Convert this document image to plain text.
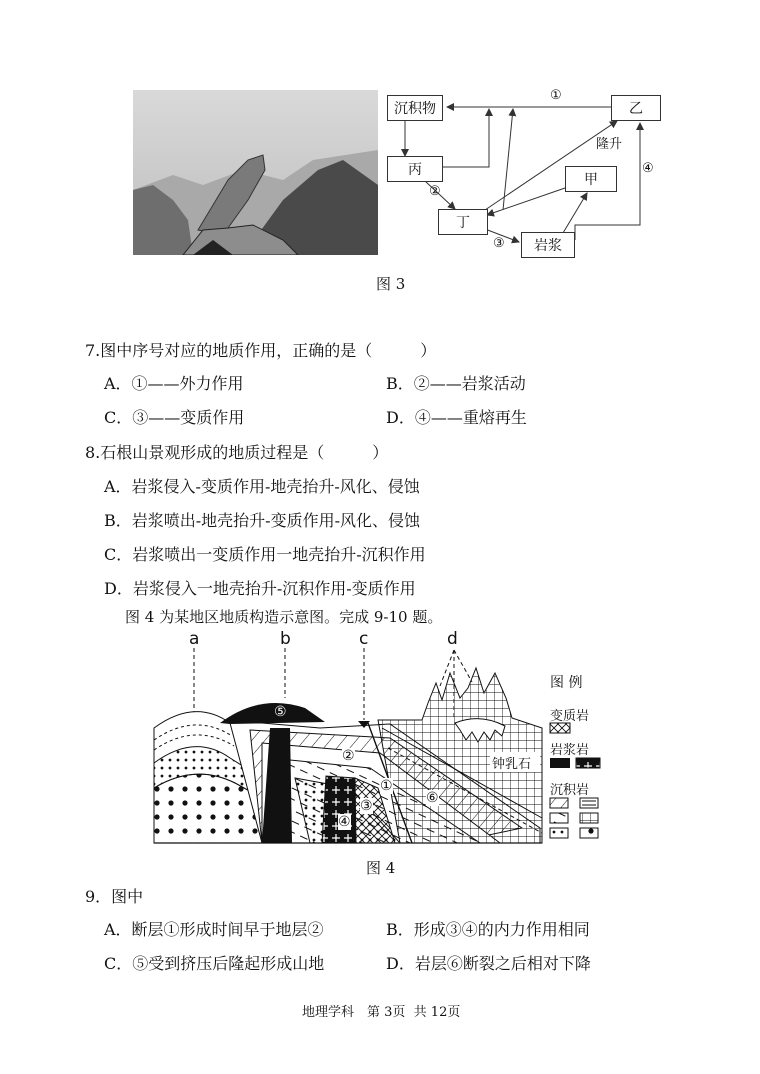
沉积物	乙
丙
甲
丁
岩浆
①
隆升
②
④
③
图 3
7.图中序号对应的地质作用，正确的是（　　　）
A．①——外力作用	B．②——岩浆活动
C．③——变质作用	D．④——重熔再生
8.石根山景观形成的地质过程是（　　　）
A．岩浆侵入-变质作用-地壳抬升-风化、侵蚀
B．岩浆喷出-地壳抬升-变质作用-风化、侵蚀
C．岩浆喷出一变质作用一地壳抬升-沉积作用
D．岩浆侵入一地壳抬升-沉积作用-变质作用
图 4 为某地区地质构造示意图。完成 9-10 题。
a	b	c	d
⑤
②
①
③
④
⑥
钟乳石
图 例
变质岩
岩浆岩
沉积岩
图 4
9．图中
A．断层①形成时间早于地层②	B．形成③④的内力作用相同
C．⑤受到挤压后隆起形成山地	D．岩层⑥断裂之后相对下降
地理学科　第 3页  共 12页
